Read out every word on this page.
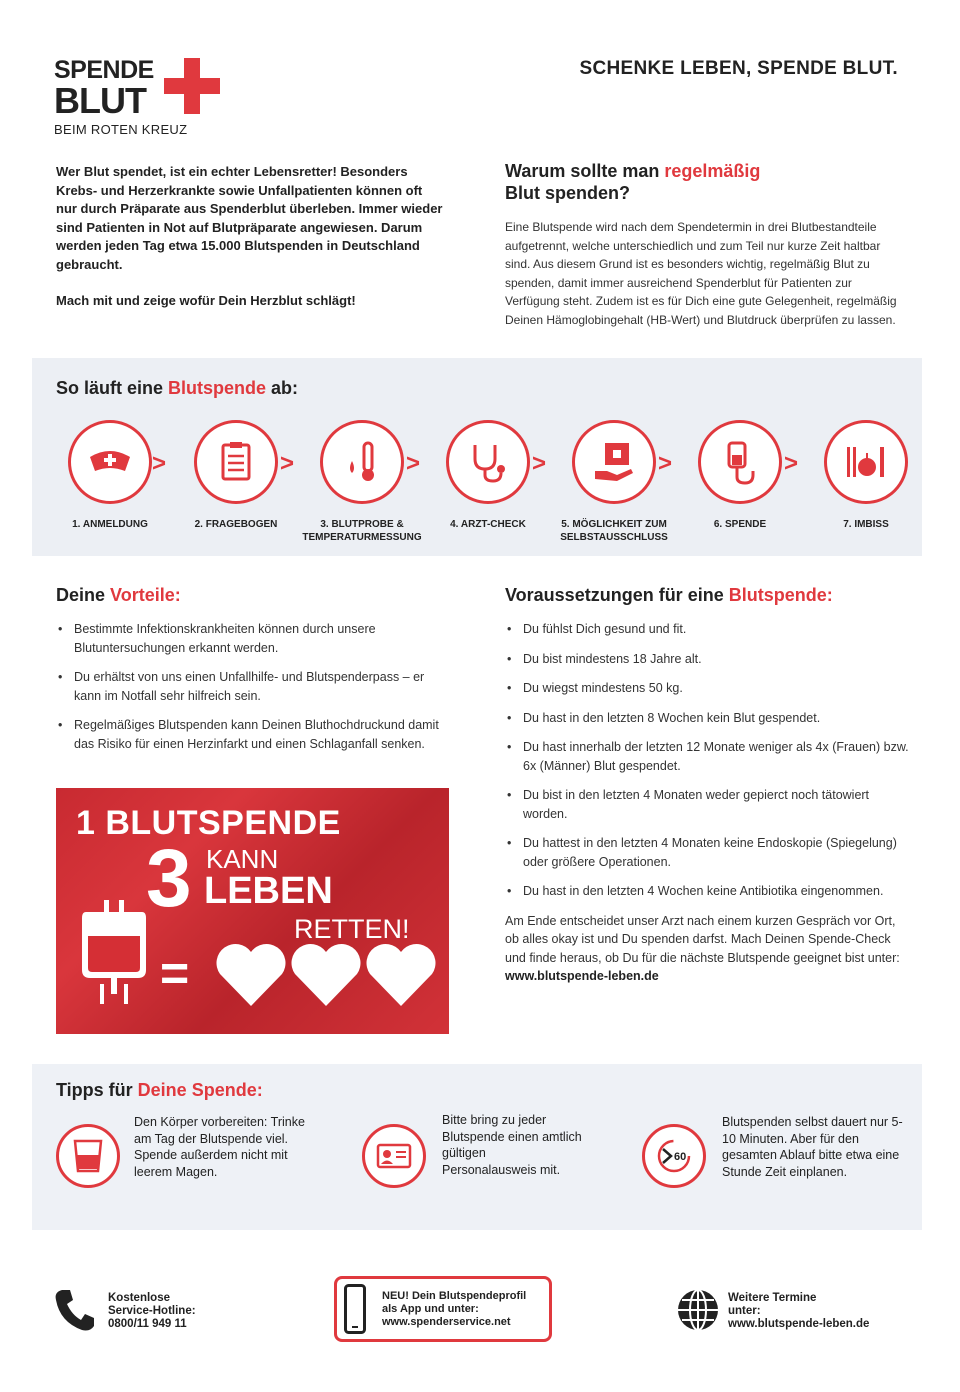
SPENDE
BLUT
BEIM ROTEN KREUZ
SCHENKE LEBEN, SPENDE BLUT.

Wer Blut spendet, ist ein echter Lebensretter! Besonders Krebs- und Herzerkrankte sowie Unfallpatienten können oft nur durch Präparate aus Spenderblut überleben. Immer wieder sind Patienten in Not auf Blutpräparate angewiesen. Darum werden jeden Tag etwa 15.000 Blutspenden in Deutschland gebraucht.

Mach mit und zeige wofür Dein Herzblut schlägt!

Warum sollte man regelmäßig
Blut spenden?

Eine Blutspende wird nach dem Spendetermin in drei Blutbestandteile aufgetrennt, welche unterschiedlich und zum Teil nur kurze Zeit haltbar sind. Aus diesem Grund ist es besonders wichtig, regelmäßig Blut zu spenden, damit immer ausreichend Spenderblut für Patienten zur Verfügung steht. Zudem ist es für Dich eine gute Gelegenheit, regelmäßig Deinen Hämoglobingehalt (HB-Wert) und Blutdruck überprüfen zu lassen.

So läuft eine Blutspende ab:
1. ANMELDUNG
>
2. FRAGEBOGEN
>
3. BLUTPROBE & TEMPERATURMESSUNG
>
4. ARZT-CHECK
>
5. MÖGLICHKEIT ZUM SELBSTAUSSCHLUSS
>
6. SPENDE
>
7. IMBISS
Deine Vorteile:
• Bestimmte Infektionskrankheiten können durch unsere Blutuntersuchungen erkannt werden.
• Du erhältst von uns einen Unfallhilfe- und Blutspenderpass – er kann im Notfall sehr hilfreich sein.
• Regelmäßiges Blutspenden kann Deinen Bluthochdruckund damit das Risiko für einen Herzinfarkt und einen Schlaganfall senken.
1 BLUTSPENDE
3 KANN
LEBEN
RETTEN!
=
Voraussetzungen für eine Blutspende:
• Du fühlst Dich gesund und fit.
• Du bist mindestens 18 Jahre alt.
• Du wiegst mindestens 50 kg.
• Du hast in den letzten 8 Wochen kein Blut gespendet.
• Du hast innerhalb der letzten 12 Monate weniger als 4x (Frauen) bzw. 6x (Männer) Blut gespendet.
• Du bist in den letzten 4 Monaten weder gepierct noch tätowiert worden.
• Du hattest in den letzten 4 Monaten keine Endoskopie (Spiegelung) oder größere Operationen.
• Du hast in den letzten 4 Wochen keine Antibiotika eingenommen.

Am Ende entscheidet unser Arzt nach einem kurzen Gespräch vor Ort, ob alles okay ist und Du spenden darfst. Mach Deinen Spende-Check und finde heraus, ob Du für die nächste Blutspende geeignet bist unter: www.blutspende-leben.de

Tipps für Deine Spende:
Den Körper vorbereiten: Trinke am Tag der Blutspende viel. Spende außerdem nicht mit leerem Magen.
Bitte bring zu jeder Blutspende einen amtlich gültigen Personalausweis mit.
60
Blutspenden selbst dauert nur 5-10 Minuten. Aber für den gesamten Ablauf bitte etwa eine Stunde Zeit einplanen.
Kostenlose
Service-Hotline:
0800/11 949 11
NEU! Dein Blutspendeprofil
als App und unter:
www.spenderservice.net
Weitere Termine
unter:
www.blutspende-leben.de
